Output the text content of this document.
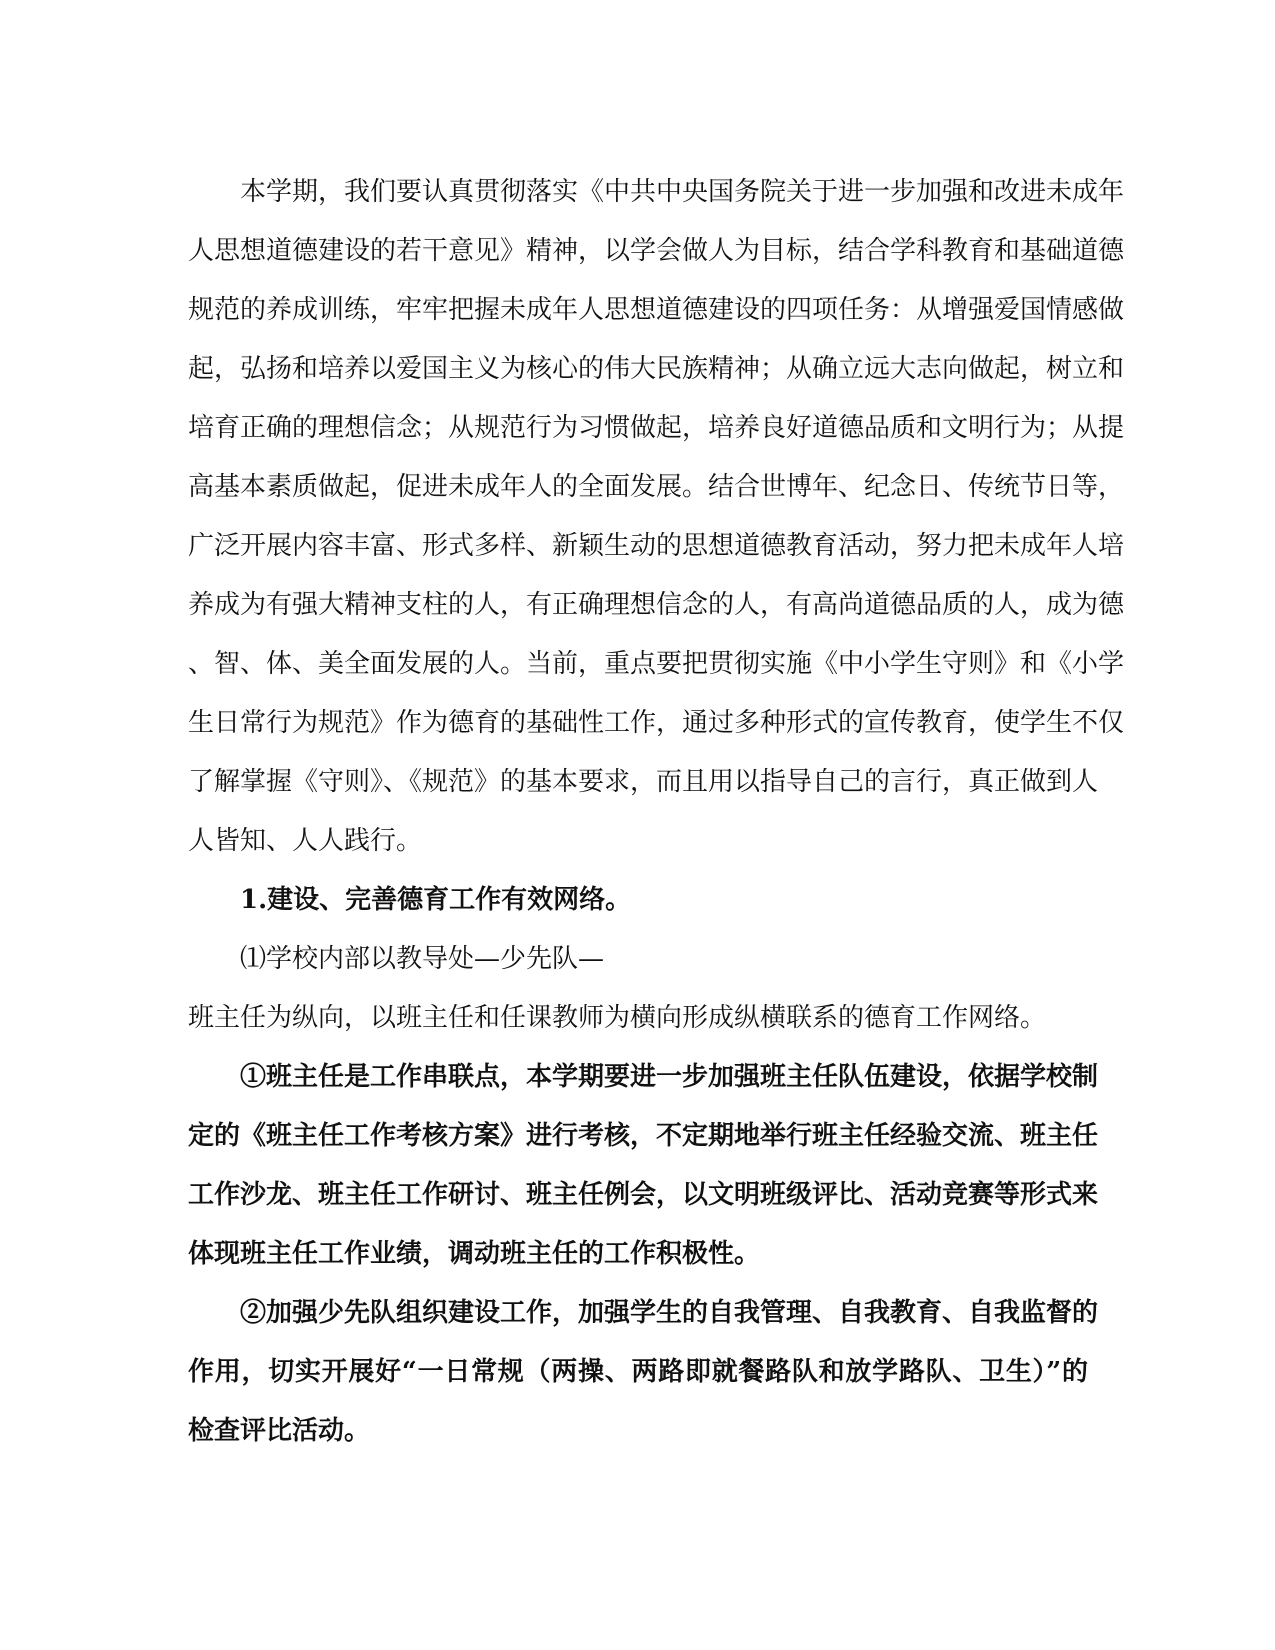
本学期，我们要认真贯彻落实《中共中央国务院关于进一步加强和改进未成年
人思想道德建设的若干意见》精神，以学会做人为目标，结合学科教育和基础道德
规范的养成训练，牢牢把握未成年人思想道德建设的四项任务：从增强爱国情感做
起，弘扬和培养以爱国主义为核心的伟大民族精神；从确立远大志向做起，树立和
培育正确的理想信念；从规范行为习惯做起，培养良好道德品质和文明行为；从提
高基本素质做起，促进未成年人的全面发展。结合世博年、纪念日、传统节日等，
广泛开展内容丰富、形式多样、新颖生动的思想道德教育活动，努力把未成年人培
养成为有强大精神支柱的人，有正确理想信念的人，有高尚道德品质的人，成为德
、智、体、美全面发展的人。当前，重点要把贯彻实施《中小学生守则》和《小学
生日常行为规范》作为德育的基础性工作，通过多种形式的宣传教育，使学生不仅
了解掌握《守则》、《规范》的基本要求，而且用以指导自己的言行，真正做到人
人皆知、人人践行。
1.建设、完善德育工作有效网络。
⑴学校内部以教导处—少先队—
班主任为纵向，以班主任和任课教师为横向形成纵横联系的德育工作网络。
①班主任是工作串联点，本学期要进一步加强班主任队伍建设，依据学校制
定的《班主任工作考核方案》进行考核，不定期地举行班主任经验交流、班主任
工作沙龙、班主任工作研讨、班主任例会，以文明班级评比、活动竞赛等形式来
体现班主任工作业绩，调动班主任的工作积极性。
②加强少先队组织建设工作，加强学生的自我管理、自我教育、自我监督的
作用，切实开展好“一日常规（两操、两路即就餐路队和放学路队、卫生）”的
检查评比活动。
